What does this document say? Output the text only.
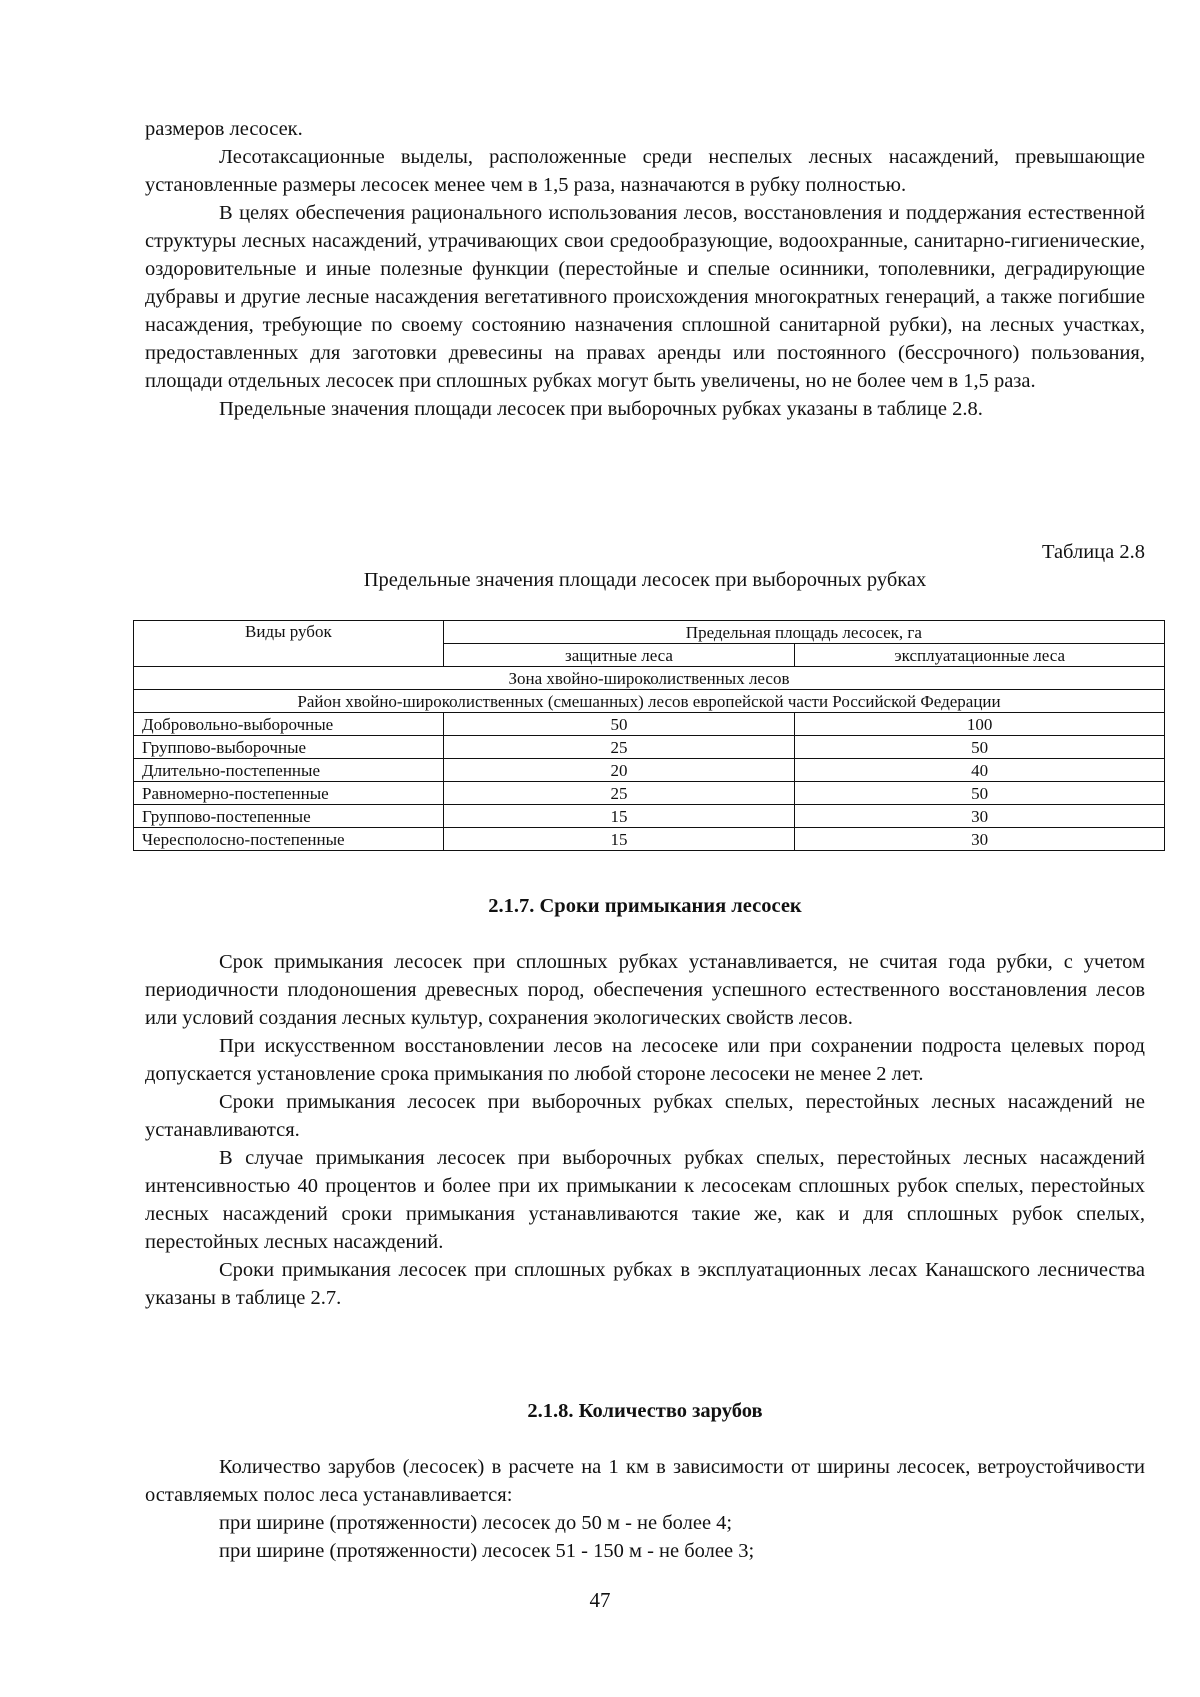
размеров лесосек.

Лесотаксационные выделы, расположенные среди неспелых лесных насаждений, превышающие установленные размеры лесосек менее чем в 1,5 раза, назначаются в рубку полностью.

В целях обеспечения рационального использования лесов, восстановления и поддержания естественной структуры лесных насаждений, утрачивающих свои средообразующие, водоохранные, санитарно-гигиенические, оздоровительные и иные полезные функции (перестойные и спелые осинники, тополевники, деградирующие дубравы и другие лесные насаждения вегетативного происхождения многократных генераций, а также погибшие насаждения, требующие по своему состоянию назначения сплошной санитарной рубки), на лесных участках, предоставленных для заготовки древесины на правах аренды или постоянного (бессрочного) пользования, площади отдельных лесосек при сплошных рубках могут быть увеличены, но не более чем в 1,5 раза.

Предельные значения площади лесосек при выборочных рубках указаны в таблице 2.8.

Таблица 2.8

Предельные значения площади лесосек при выборочных рубках

Виды рубок	Предельная площадь лесосек, га	
	защитные леса	эксплуатационные леса
Зона хвойно-широколиственных лесов		
Район хвойно-широколиственных (смешанных) лесов европейской части Российской Федерации		
Добровольно-выборочные	50	100
Группово-выборочные	25	50
Длительно-постепенные	20	40
Равномерно-постепенные	25	50
Группово-постепенные	15	30
Чересполосно-постепенные	15	30

2.1.7. Сроки примыкания лесосек

Срок примыкания лесосек при сплошных рубках устанавливается, не считая года рубки, с учетом периодичности плодоношения древесных пород, обеспечения успешного естественного восстановления лесов или условий создания лесных культур, сохранения экологических свойств лесов.

При искусственном восстановлении лесов на лесосеке или при сохранении подроста целевых пород допускается установление срока примыкания по любой стороне лесосеки не менее 2 лет.

Сроки примыкания лесосек при выборочных рубках спелых, перестойных лесных насаждений не устанавливаются.

В случае примыкания лесосек при выборочных рубках спелых, перестойных лесных насаждений интенсивностью 40 процентов и более при их примыкании к лесосекам сплошных рубок спелых, перестойных лесных насаждений сроки примыкания устанавливаются такие же, как и для сплошных рубок спелых, перестойных лесных насаждений.

Сроки примыкания лесосек при сплошных рубках в эксплуатационных лесах Канашского лесничества указаны в таблице 2.7.

2.1.8. Количество зарубов

Количество зарубов (лесосек) в расчете на 1 км в зависимости от ширины лесосек, ветроустойчивости оставляемых полос леса устанавливается:

при ширине (протяженности) лесосек до 50 м - не более 4;

при ширине (протяженности) лесосек 51 - 150 м - не более 3;

47
